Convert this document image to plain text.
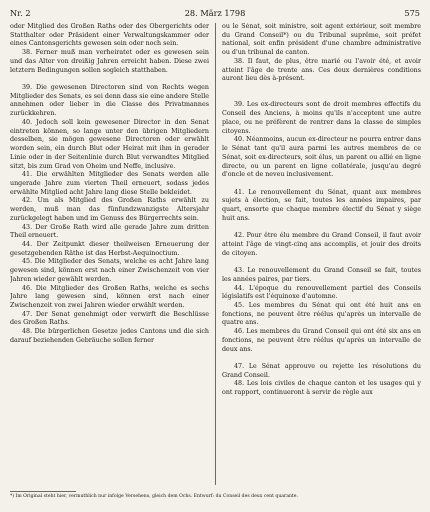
Nr. 2	28. März 1798	575

oder Mitglied des Großen Raths oder des Obergerichts oder Statthalter oder Präsident einer Verwaltungskammer oder eines Cantonsgerichts gewesen sein oder noch sein.

38. Ferner muß man verheiratet oder es gewesen sein und das Alter von dreißig Jahren erreicht haben. Diese zwei letztern Bedingungen sollen sogleich statthaben.

39. Die gewesenen Directoren sind von Rechts wegen Mitglieder des Senats, es sei denn dass sie eine andere Stelle annehmen oder lieber in die Classe des Privatmannes zurückkehren.

40. Jedoch soll kein gewesener Director in den Senat eintreten können, so lange unter den übrigen Mitgliedern desselben, sie mögen gewesene Directoren oder erwählt worden sein, ein durch Blut oder Heirat mit ihm in gerader Linie oder in der Seitenlinie durch Blut verwandtes Mitglied sitzt, bis zum Grad von Oheim und Neffe, inclusive.

41. Die erwählten Mitglieder des Senats werden alle ungerade Jahre zum vierten Theil erneuert, sodass jedes erwählte Mitglied acht Jahre lang diese Stelle bekleidet.

42. Um als Mitglied des Großen Raths erwählt zu werden, muß man das fünfundzwanzigste Altersjahr zurückgelegt haben und im Genuss des Bürgerrechts sein.

43. Der Große Rath wird alle gerade Jahre zum dritten Theil erneuert.

44. Der Zeitpunkt dieser theilweisen Erneuerung der gesetzgebenden Räthe ist das Herbst-Aequinoctium.

45. Die Mitglieder des Senats, welche es acht Jahre lang gewesen sind, können erst nach einer Zwischenzeit von vier Jahren wieder gewählt werden.

46. Die Mitglieder des Großen Raths, welche es sechs Jahre lang gewesen sind, können erst nach einer Zwischenzeit von zwei Jahren wieder erwählt werden.

47. Der Senat genehmigt oder verwirft die Beschlüsse des Großen Raths.

48. Die bürgerlichen Gesetze jedes Cantons und die sich darauf beziehenden Gebräuche sollen ferner

ou le Sénat, soit ministre, soit agent extérieur, soit membre du Grand Conseil*) ou du Tribunal suprême, soit préfet national, soit enfin président d'une chambre administrative ou d'un tribunal de canton.

38. Il faut, de plus, être marié ou l'avoir été, et avoir atteint l'âge de trente ans. Ces deux dernières conditions auront lieu dès à-présent.

39. Les ex-directeurs sont de droit membres effectifs du Conseil des Anciens, à moins qu'ils n'acceptent une autre place, ou ne préfèrent de rentrer dans la classe de simples citoyens.

40. Néanmoins, aucun ex-directeur ne pourra entrer dans le Sénat tant qu'il aura parmi les autres membres de ce Sénat, soit ex-directeurs, soit élus, un parent ou allié en ligne directe, ou un parent en ligne collatérale, jusqu'au degré d'oncle et de neveu inclusivement.

41. Le renouvellement du Sénat, quant aux membres sujets à élection, se fait, toutes les années impaires, par quart, ensorte que chaque membre électif du Sénat y siège huit ans.

42. Pour être élu membre du Grand Conseil, il faut avoir atteint l'âge de vingt-cinq ans accomplis, et jouir des droits de citoyen.

43. Le renouvellement du Grand Conseil se fait, toutes les années paires, par tiers.

44. L'époque du renouvellement partiel des Conseils législatifs est l'équinoxe d'automne.

45. Les membres du Sénat qui ont été huit ans en fonctions, ne peuvent être réélus qu'après un intervalle de quatre ans.

46. Les membres du Grand Conseil qui ont été six ans en fonctions, ne peuvent être réélus qu'après un intervalle de deux ans.

47. Le Sénat approuve ou rejette les résolutions du Grand Conseil.

48. Les lois civiles de chaque canton et les usages qui y ont rapport, continueront à servir de règle aux

*) Im Original steht hier, vermuthlich nur infolge Versehens, gleich dem Ochs. Entwurf: du Conseil des deux cent quarante.
